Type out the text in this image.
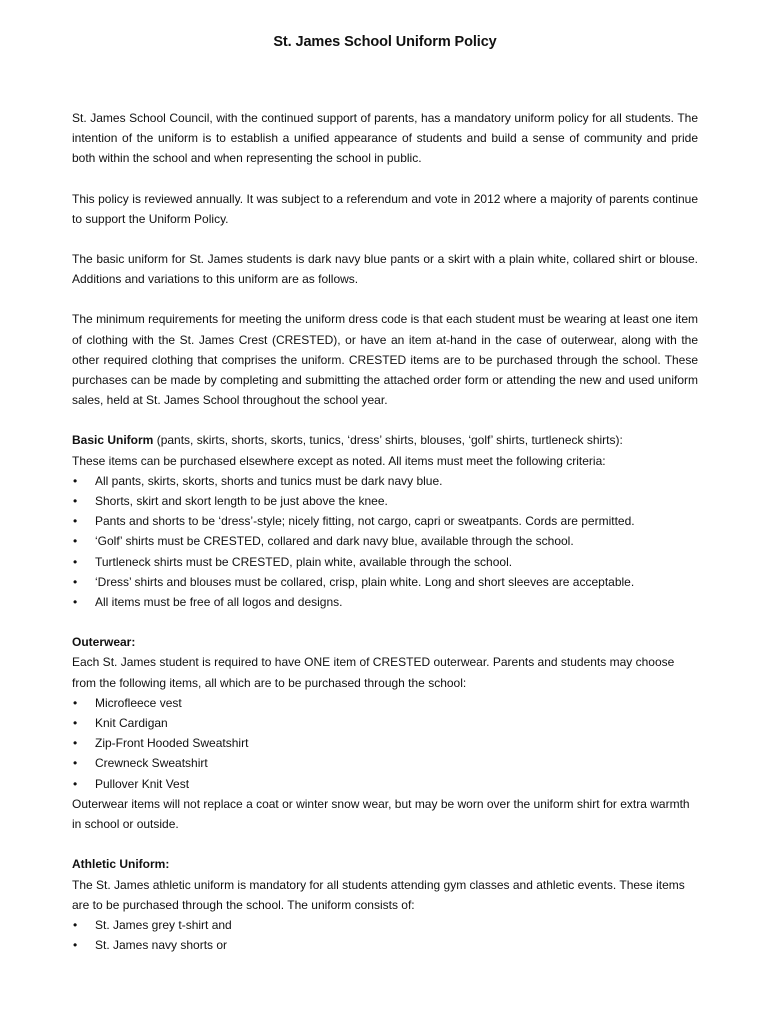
St. James School Uniform Policy

St. James School Council, with the continued support of parents, has a mandatory uniform policy for all students. The intention of the uniform is to establish a unified appearance of students and build a sense of community and pride both within the school and when representing the school in public.

This policy is reviewed annually. It was subject to a referendum and vote in 2012 where a majority of parents continue to support the Uniform Policy.

The basic uniform for St. James students is dark navy blue pants or a skirt with a plain white, collared shirt or blouse. Additions and variations to this uniform are as follows.

The minimum requirements for meeting the uniform dress code is that each student must be wearing at least one item of clothing with the St. James Crest (CRESTED), or have an item at-hand in the case of outerwear, along with the other required clothing that comprises the uniform. CRESTED items are to be purchased through the school. These purchases can be made by completing and submitting the attached order form or attending the new and used uniform sales, held at St. James School throughout the school year.

Basic Uniform (pants, skirts, shorts, skorts, tunics, ‘dress’ shirts, blouses, ‘golf’ shirts, turtleneck shirts):
These items can be purchased elsewhere except as noted. All items must meet the following criteria:
• All pants, skirts, skorts, shorts and tunics must be dark navy blue.
• Shorts, skirt and skort length to be just above the knee.
• Pants and shorts to be ‘dress’-style; nicely fitting, not cargo, capri or sweatpants. Cords are permitted.
• ‘Golf’ shirts must be CRESTED, collared and dark navy blue, available through the school.
• Turtleneck shirts must be CRESTED, plain white, available through the school.
• ‘Dress’ shirts and blouses must be collared, crisp, plain white. Long and short sleeves are acceptable.
• All items must be free of all logos and designs.
Outerwear:
Each St. James student is required to have ONE item of CRESTED outerwear. Parents and students may choose from the following items, all which are to be purchased through the school:
• Microfleece vest
• Knit Cardigan
• Zip-Front Hooded Sweatshirt
• Crewneck Sweatshirt
• Pullover Knit Vest
Outerwear items will not replace a coat or winter snow wear, but may be worn over the uniform shirt for extra warmth in school or outside.
Athletic Uniform:
The St. James athletic uniform is mandatory for all students attending gym classes and athletic events. These items are to be purchased through the school. The uniform consists of:
• St. James grey t-shirt and
• St. James navy shorts or
